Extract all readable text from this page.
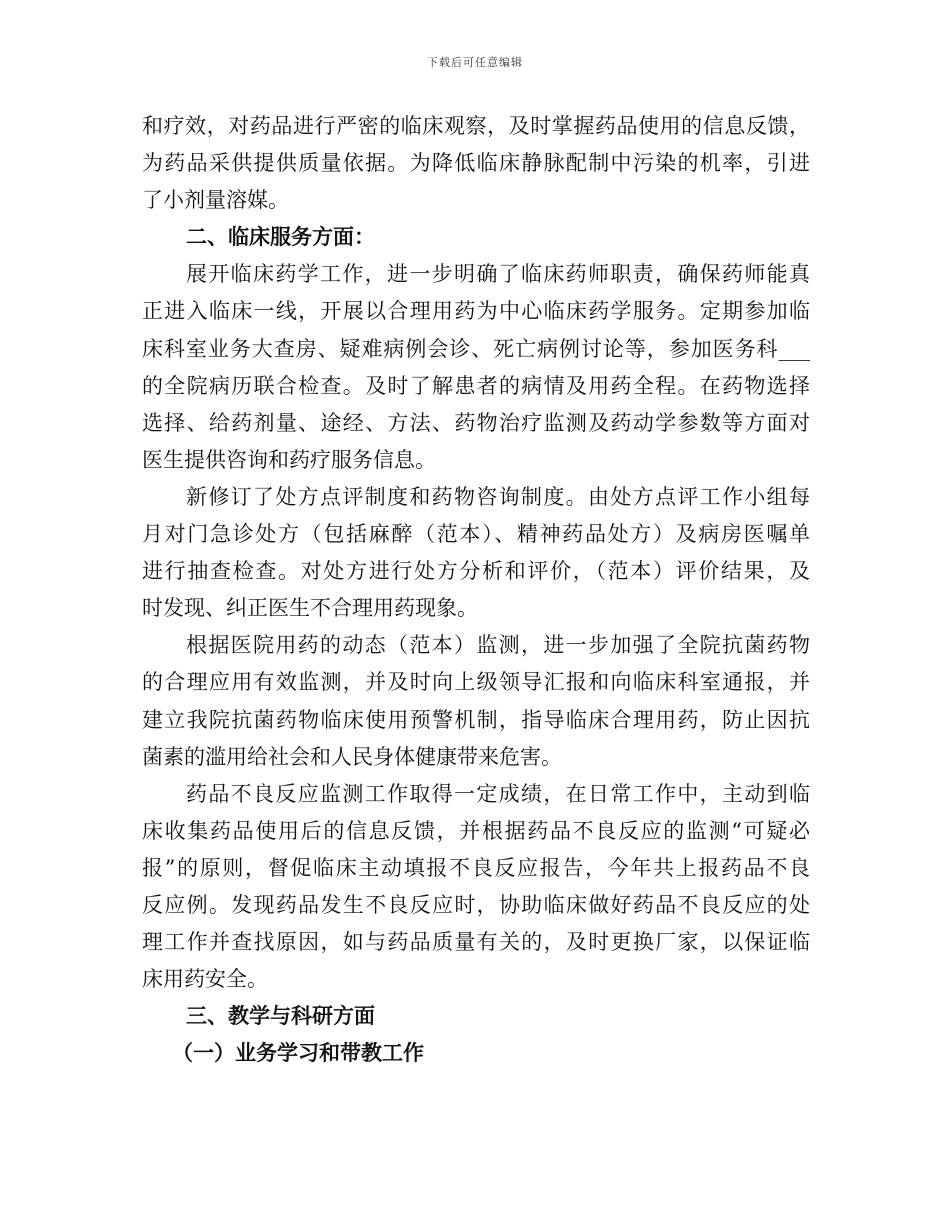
下载后可任意编辑
和疗效，对药品进行严密的临床观察，及时掌握药品使用的信息反馈，
为药品采供提供质量依据。为降低临床静脉配制中污染的机率，引进
了小剂量溶媒。
二、临床服务方面：
展开临床药学工作，进一步明确了临床药师职责，确保药师能真
正进入临床一线，开展以合理用药为中心临床药学服务。定期参加临
床科室业务大查房、疑难病例会诊、死亡病例讨论等，参加医务科___
的全院病历联合检查。及时了解患者的病情及用药全程。在药物选择
选择、给药剂量、途经、方法、药物治疗监测及药动学参数等方面对
医生提供咨询和药疗服务信息。
新修订了处方点评制度和药物咨询制度。由处方点评工作小组每
月对门急诊处方（包括麻醉（范本）、精神药品处方）及病房医嘱单
进行抽查检查。对处方进行处方分析和评价，（范本）评价结果，及
时发现、纠正医生不合理用药现象。
根据医院用药的动态（范本）监测，进一步加强了全院抗菌药物
的合理应用有效监测，并及时向上级领导汇报和向临床科室通报，并
建立我院抗菌药物临床使用预警机制，指导临床合理用药，防止因抗
菌素的滥用给社会和人民身体健康带来危害。
药品不良反应监测工作取得一定成绩，在日常工作中，主动到临
床收集药品使用后的信息反馈，并根据药品不良反应的监测“可疑必
报”的原则，督促临床主动填报不良反应报告，今年共上报药品不良
反应例。发现药品发生不良反应时，协助临床做好药品不良反应的处
理工作并查找原因，如与药品质量有关的，及时更换厂家，以保证临
床用药安全。
三、教学与科研方面
（一）业务学习和带教工作
